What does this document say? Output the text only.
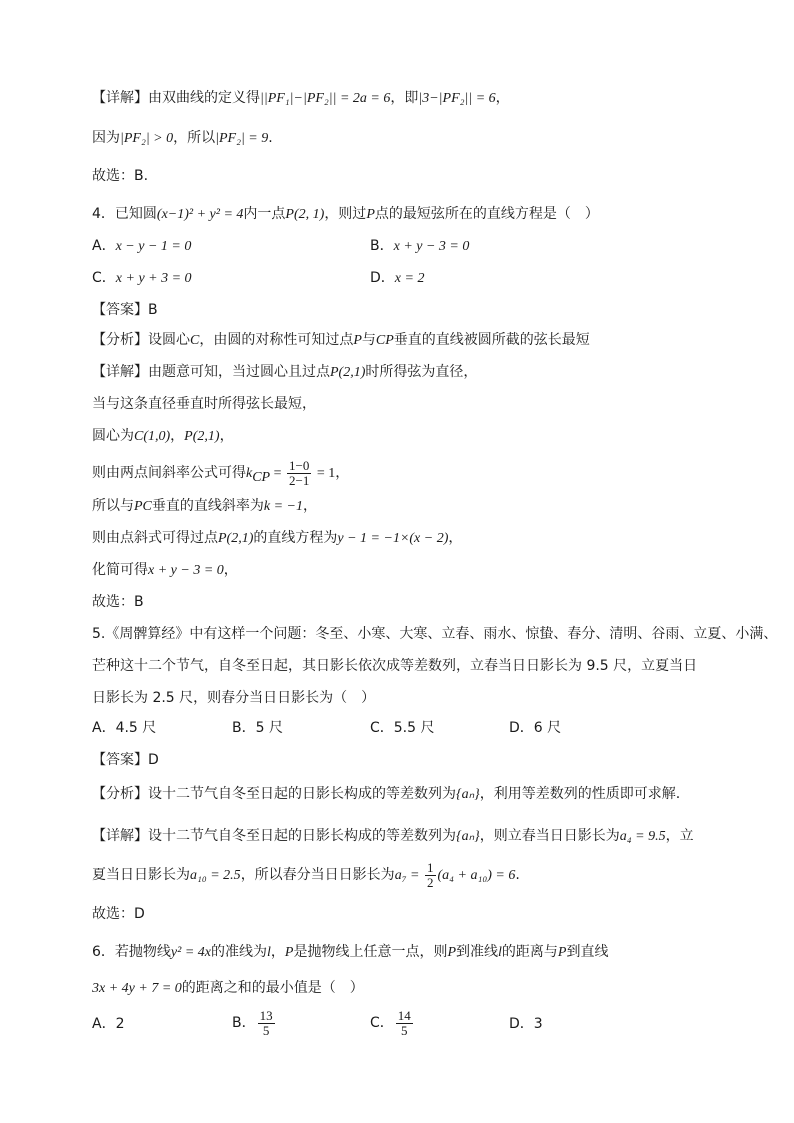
【详解】由双曲线的定义得||PF₁|−|PF₂|| = 2a = 6，即|3−|PF₂|| = 6，
因为|PF₂| > 0，所以|PF₂| = 9.
故选：B.
4．已知圆(x−1)² + y² = 4内一点P(2, 1)，则过P点的最短弦所在的直线方程是（　）
A．x − y − 1 = 0	B．x + y − 3 = 0
C．x + y + 3 = 0	D．x = 2
【答案】B
【分析】设圆心C，由圆的对称性可知过点P与CP垂直的直线被圆所截的弦长最短
【详解】由题意可知，当过圆心且过点P(2,1)时所得弦为直径，
当与这条直径垂直时所得弦长最短，
圆心为C(1,0)，P(2,1)，
则由两点间斜率公式可得$k_{CP} = \frac{1-0}{2-1} = 1$，
所以与PC垂直的直线斜率为k = −1，
则由点斜式可得过点P(2,1)的直线方程为y − 1 = −1×(x − 2)，
化简可得x + y − 3 = 0，
故选：B
5.《周髀算经》中有这样一个问题：冬至、小寒、大寒、立春、雨水、惊蛰、春分、清明、谷雨、立夏、小满、
芒种这十二个节气，自冬至日起，其日影长依次成等差数列，立春当日日影长为 9.5 尺，立夏当日
日影长为 2.5 尺，则春分当日日影长为（　）
A．4.5 尺	B．5 尺	C．5.5 尺	D．6 尺
【答案】D
【分析】设十二节气自冬至日起的日影长构成的等差数列为{aₙ}，利用等差数列的性质即可求解.
【详解】设十二节气自冬至日起的日影长构成的等差数列为{aₙ}，则立春当日日影长为a₄ = 9.5，立
夏当日日影长为a₁₀ = 2.5，所以春分当日日影长为$a_7 = \frac{1}{2} (a_4 + a_{10}) = 6$.
故选：D
6．若抛物线y² = 4x的准线为l，P是抛物线上任意一点，则P到准线l的距离与P到直线
3x + 4y + 7 = 0的距离之和的最小值是（　）
A．2	B． $\frac{13}{5}$	C． $\frac{14}{5}$	D．3
